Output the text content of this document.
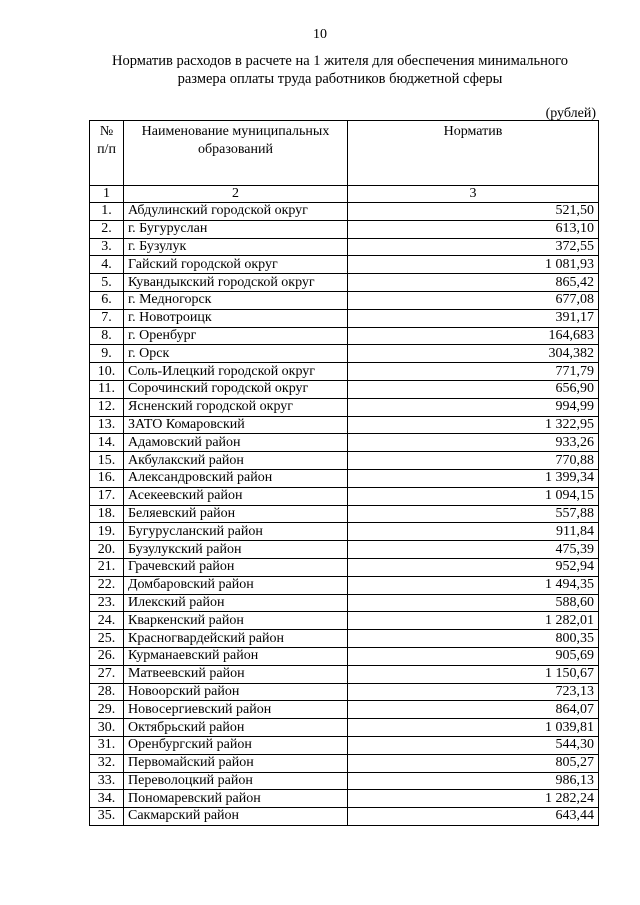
10
Норматив расходов в расчете на 1 жителя для обеспечения минимального
размера оплаты труда работников бюджетной сферы
(рублей)
№ п/п	Наименование муниципальных образований	Норматив
1	2	3
1.	Абдулинский городской округ	521,50
2.	г. Бугуруслан	613,10
3.	г. Бузулук	372,55
4.	Гайский городской округ	1 081,93
5.	Кувандыкский городской округ	865,42
6.	г. Медногорск	677,08
7.	г. Новотроицк	391,17
8.	г. Оренбург	164,683
9.	г. Орск	304,382
10.	Соль-Илецкий городской округ	771,79
11.	Сорочинский городской округ	656,90
12.	Ясненский городской округ	994,99
13.	ЗАТО Комаровский	1 322,95
14.	Адамовский район	933,26
15.	Акбулакский район	770,88
16.	Александровский район	1 399,34
17.	Асекеевский район	1 094,15
18.	Беляевский район	557,88
19.	Бугурусланский район	911,84
20.	Бузулукский район	475,39
21.	Грачевский район	952,94
22.	Домбаровский район	1 494,35
23.	Илекский район	588,60
24.	Кваркенский район	1 282,01
25.	Красногвардейский район	800,35
26.	Курманаевский район	905,69
27.	Матвеевский район	1 150,67
28.	Новоорский район	723,13
29.	Новосергиевский район	864,07
30.	Октябрьский район	1 039,81
31.	Оренбургский район	544,30
32.	Первомайский район	805,27
33.	Переволоцкий район	986,13
34.	Пономаревский район	1 282,24
35.	Сакмарский район	643,44
